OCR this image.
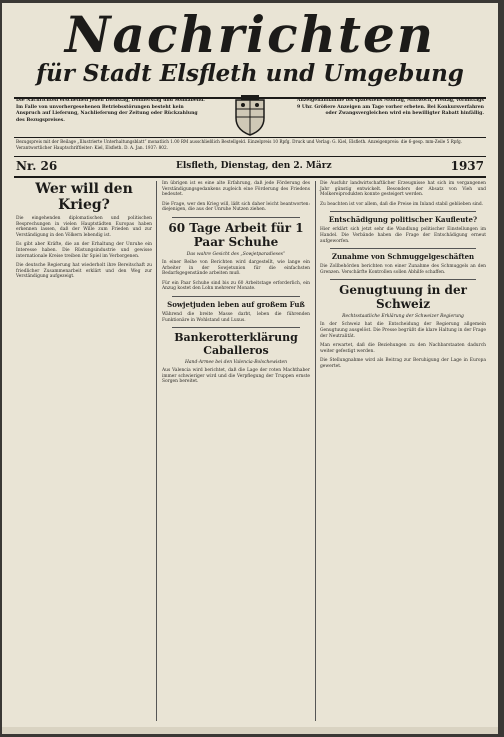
Nachrichten
für Stadt Elsfleth und Umgebung
Die Nachrichten erscheinen jeden Dienstag, Donnerstag und Sonnabend. Im Falle von unvorhergesehenen Betriebsstörungen besteht kein Anspruch auf Lieferung, Nachlieferung der Zeitung oder Rückzahlung des Bezugspreises.
Anzeigenannahme bis spätestens Montag, Mittwoch, Freitag, vormittags 9 Uhr. Größere Anzeigen am Tage vorher erbeten. Bei Konkursverfahren oder Zwangsvergleichen wird ein bewilligter Rabatt hinfällig.
Bezugspreis mit der Beilage „Illustrierte Unterhaltungsblatt“ monatlich 1.00 RM ausschließlich Bestellgeld. Einzelpreis 10 Rpfg. Druck und Verlag: G. Kiel, Elsfleth. Anzeigenpreis: die 6-gesp. mm-Zeile 5 Rpfg. Verantwortlicher Hauptschriftleiter: Kiel, Elsfleth. D. A. Jan. 1937: 802.
Nr. 26	Elsfleth, Dienstag, den 2. März	1937
Wer will den Krieg?

Die eingehenden diplomatischen und politischen Besprechungen in vielen Hauptstädten Europas haben erkennen lassen, daß der Wille zum Frieden und zur Verständigung in den Völkern lebendig ist.

Es gibt aber Kräfte, die an der Erhaltung der Unruhe ein Interesse haben. Die Rüstungsindustrie und gewisse internationale Kreise treiben ihr Spiel im Verborgenen.

Die deutsche Regierung hat wiederholt ihre Bereitschaft zu friedlicher Zusammenarbeit erklärt und den Weg zur Verständigung aufgezeigt.

Im übrigen ist es eine alte Erfahrung, daß jede Förderung des Verständigungsgedankens zugleich eine Förderung des Friedens bedeutet.

Die Frage, wer den Krieg will, läßt sich daher leicht beantworten: diejenigen, die aus der Unruhe Nutzen ziehen.

60 Tage Arbeit für 1 Paar Schuhe
Das wahre Gesicht des „Sowjetparadieses“

In einer Reihe von Berichten wird dargestellt, wie lange ein Arbeiter in der Sowjetunion für die einfachsten Bedarfsgegenstände arbeiten muß.

Für ein Paar Schuhe sind bis zu 60 Arbeitstage erforderlich, ein Anzug kostet den Lohn mehrerer Monate.

Sowjetjuden leben auf großem Fuß

Während die breite Masse darbt, leben die führenden Funktionäre in Wohlstand und Luxus.

Bankerotterklärung Caballeros
Hand-Armee bei den Valencia-Bolschewisten

Aus Valencia wird berichtet, daß die Lage der roten Machthaber immer schwieriger wird und die Verpflegung der Truppen ernste Sorgen bereitet.

Die Ausfuhr landwirtschaftlicher Erzeugnisse hat sich im vergangenen Jahr günstig entwickelt. Besonders der Absatz von Vieh und Molkereiprodukten konnte gesteigert werden.

Zu beachten ist vor allem, daß die Preise im Inland stabil geblieben sind.

Entschädigung politischer Kaufleute?

Hier erklärt sich jetzt sehr die Wandlung politischer Einstellungen im Handel. Die Verbände haben die Frage der Entschädigung erneut aufgeworfen.

Zunahme von Schmuggelgeschäften

Die Zollbehörden berichten von einer Zunahme des Schmuggels an den Grenzen. Verschärfte Kontrollen sollen Abhilfe schaffen.

Genugtuung in der Schweiz
Rechtsstaatliche Erklärung der Schweizer Regierung

In der Schweiz hat die Entscheidung der Regierung allgemein Genugtuung ausgelöst. Die Presse begrüßt die klare Haltung in der Frage der Neutralität.

Man erwartet, daß die Beziehungen zu den Nachbarstaaten dadurch weiter gefestigt werden.

Die Stellungnahme wird als Beitrag zur Beruhigung der Lage in Europa gewertet.
